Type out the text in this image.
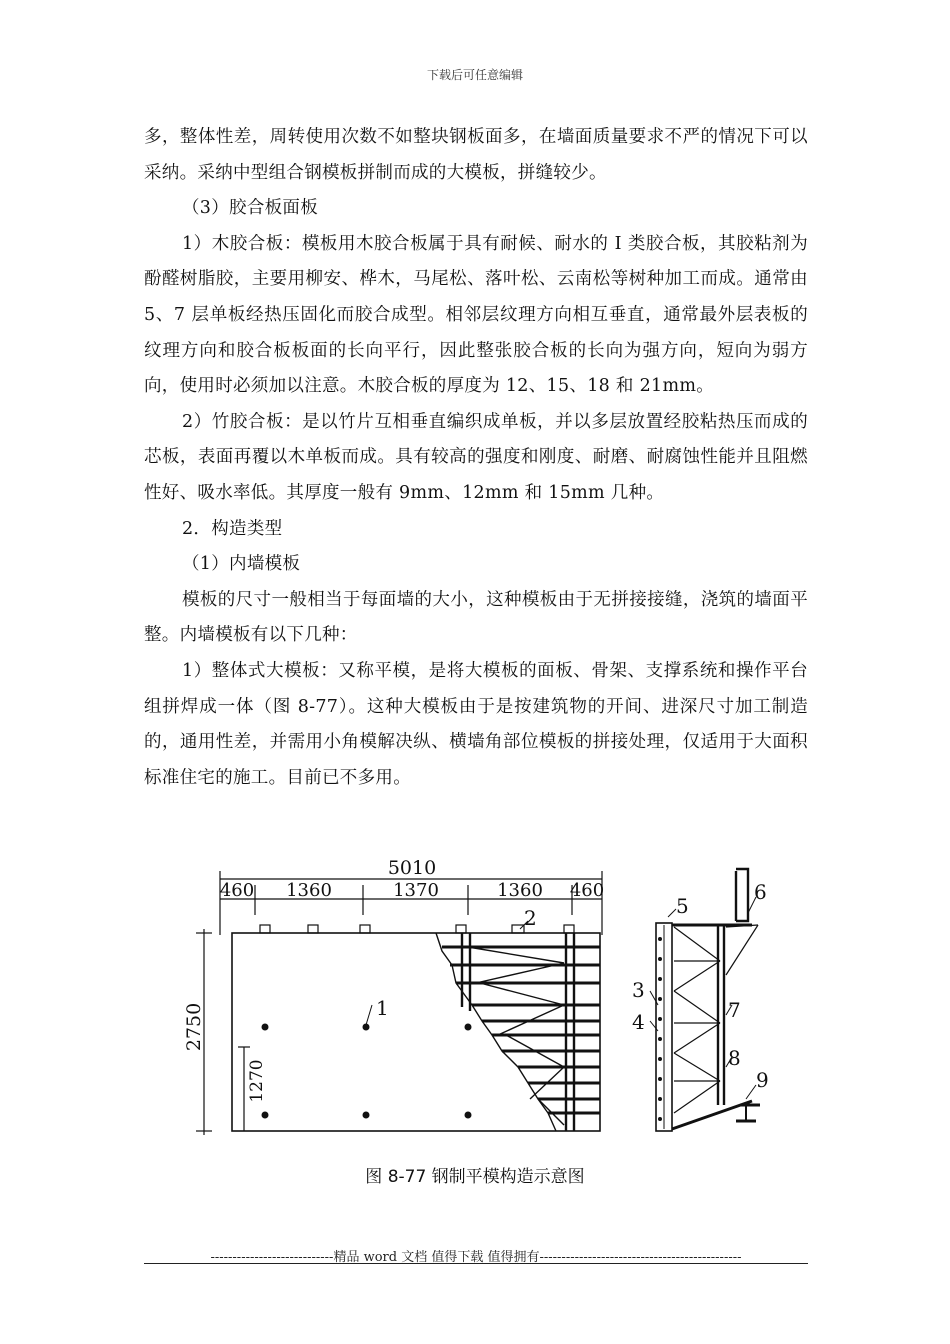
下载后可任意编辑

多，整体性差，周转使用次数不如整块钢板面多，在墙面质量要求不严的情况下可以采纳。采纳中型组合钢模板拼制而成的大模板，拼缝较少。

（3）胶合板面板

1）木胶合板：模板用木胶合板属于具有耐候、耐水的 I 类胶合板，其胶粘剂为酚醛树脂胶，主要用柳安、桦木，马尾松、落叶松、云南松等树种加工而成。通常由 5、7 层单板经热压固化而胶合成型。相邻层纹理方向相互垂直，通常最外层表板的纹理方向和胶合板板面的长向平行，因此整张胶合板的长向为强方向，短向为弱方向，使用时必须加以注意。木胶合板的厚度为 12、15、18 和 21mm。

2）竹胶合板：是以竹片互相垂直编织成单板，并以多层放置经胶粘热压而成的芯板，表面再覆以木单板而成。具有较高的强度和刚度、耐磨、耐腐蚀性能并且阻燃性好、吸水率低。其厚度一般有 9mm、12mm 和 15mm 几种。

2．构造类型

（1）内墙模板

模板的尺寸一般相当于每面墙的大小，这种模板由于无拼接接缝，浇筑的墙面平整。内墙模板有以下几种：

1）整体式大模板：又称平模，是将大模板的面板、骨架、支撑系统和操作平台组拼焊成一体（图 8-77）。这种大模板由于是按建筑物的开间、进深尺寸加工制造的，通用性差，并需用小角模解决纵、横墙角部位模板的拼接处理，仅适用于大面积标准住宅的施工。目前已不多用。

5010
460 1360	1370	1360 460
2750
1270
1
2
3
4
5
6
7
8
9
图 8-77 钢制平模构造示意图
----------------------------精品 word 文档 值得下载 值得拥有----------------------------------------------
